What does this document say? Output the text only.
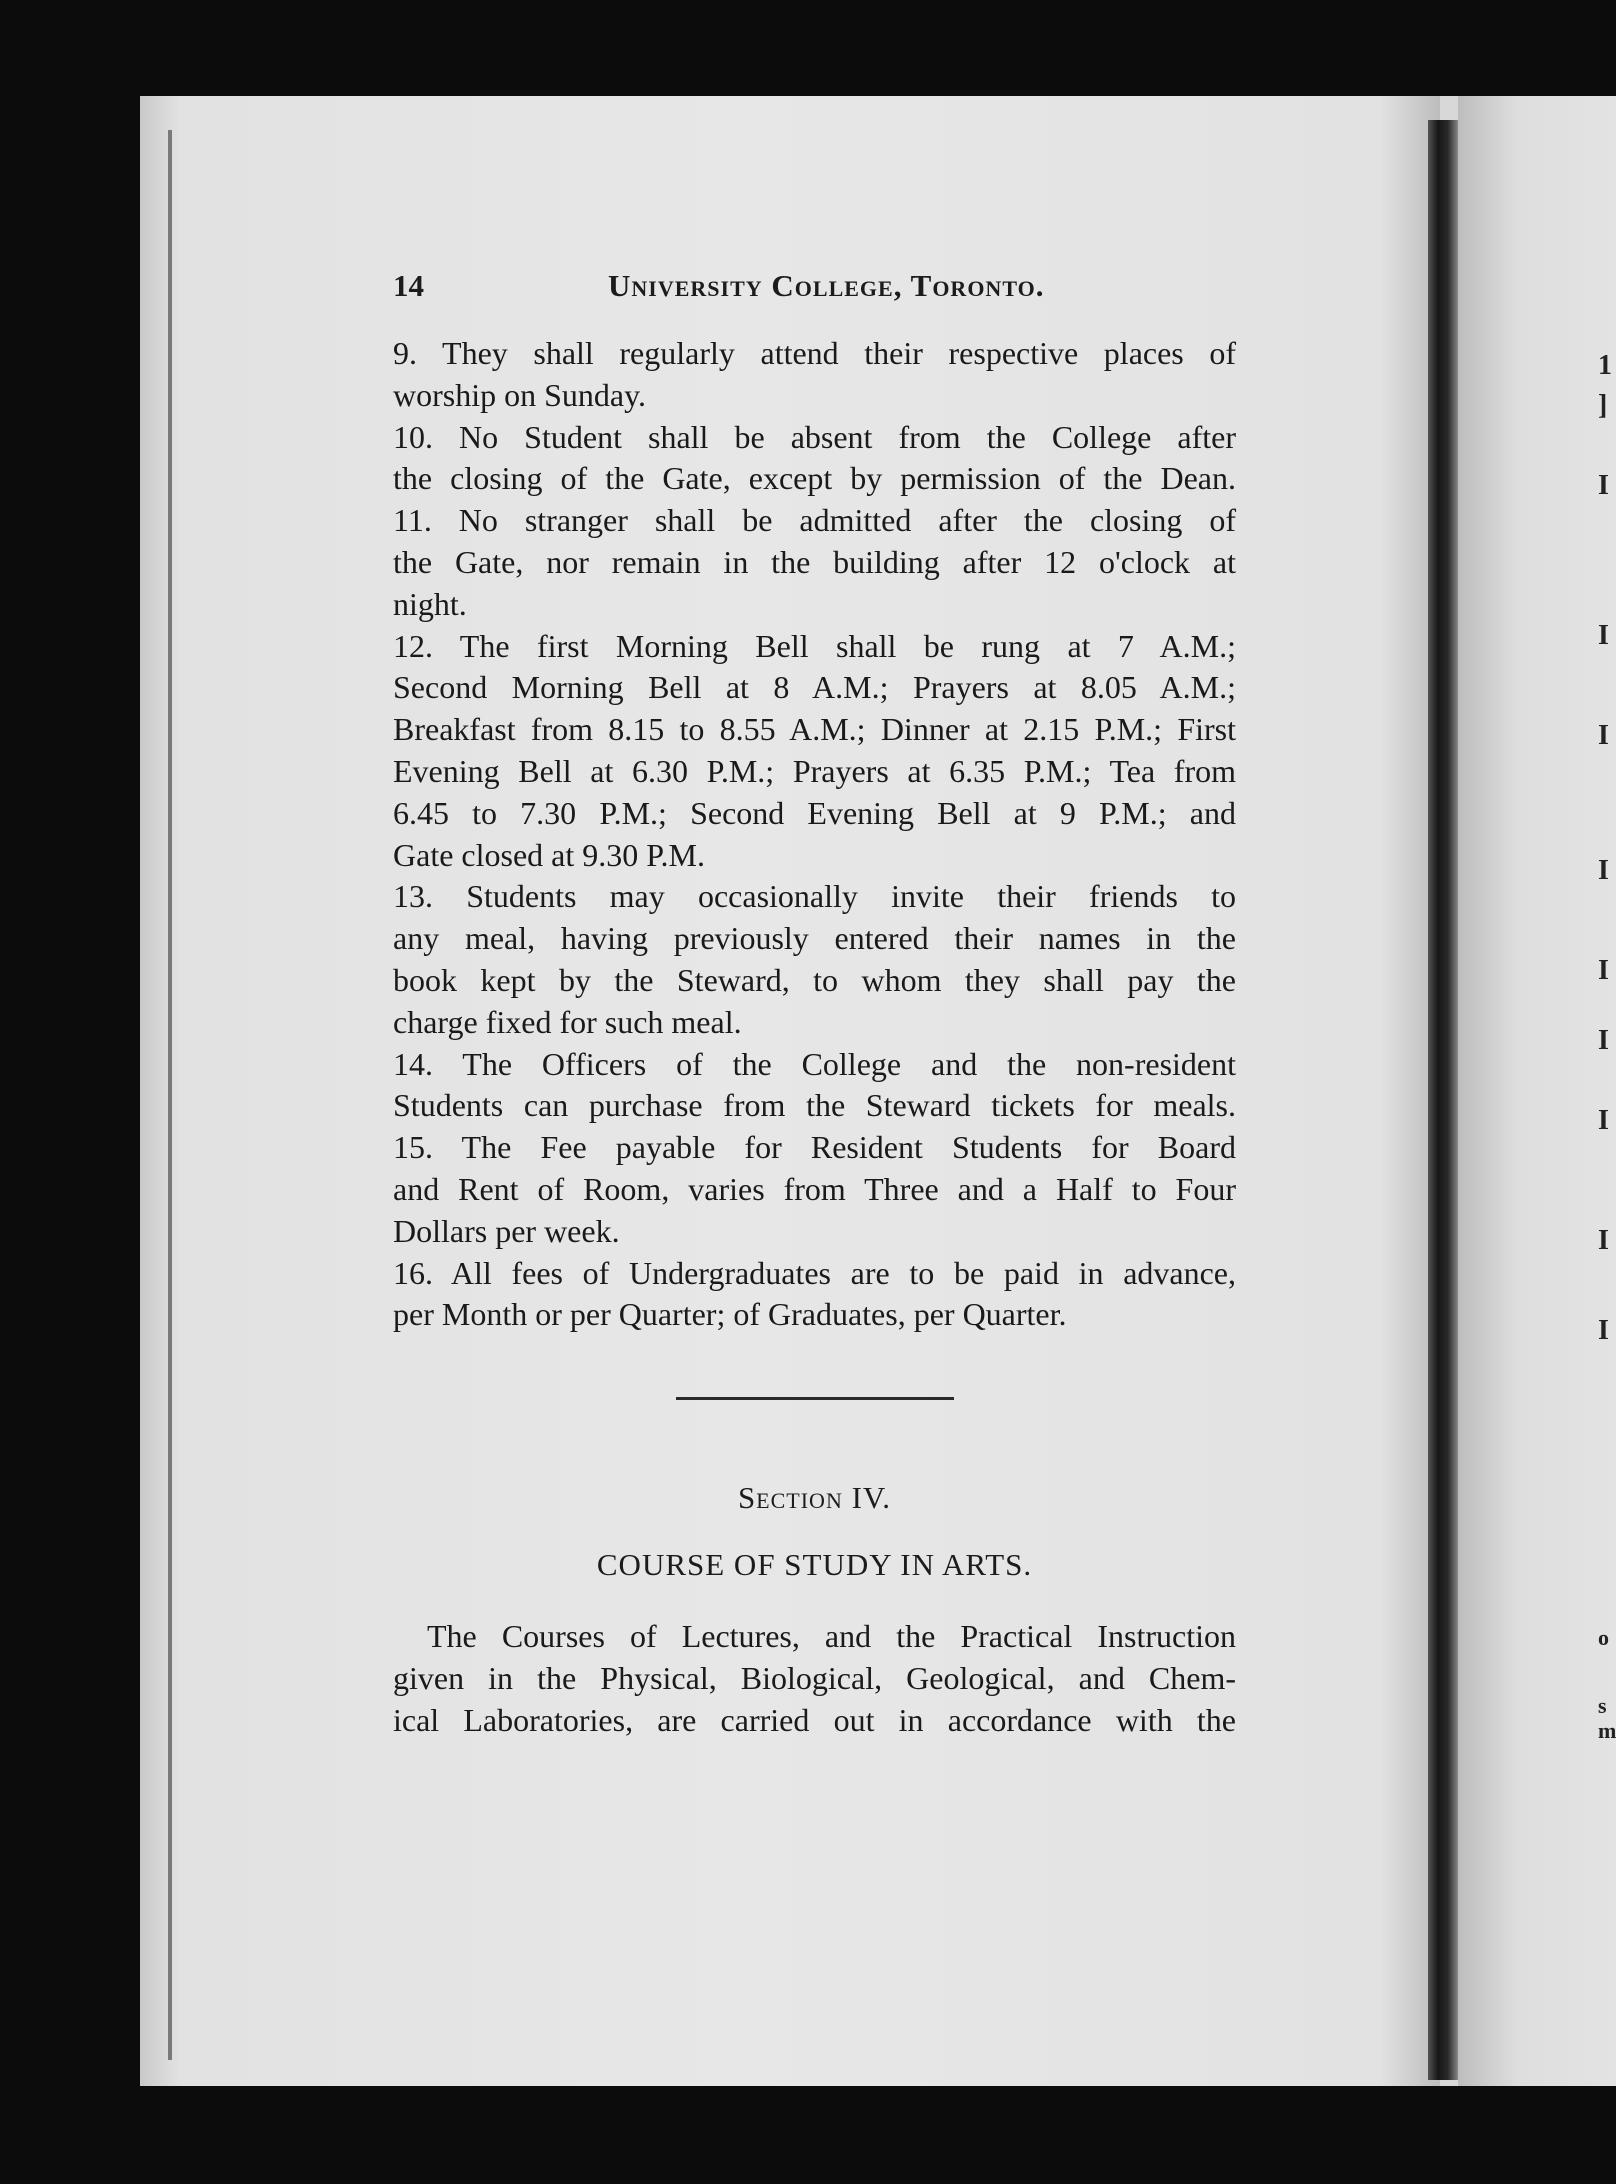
14	University College, Toronto.
9. They shall regularly attend their respective places of
worship on Sunday.
10. No Student shall be absent from the College after
the closing of the Gate, except by permission of the Dean.
11. No stranger shall be admitted after the closing of
the Gate, nor remain in the building after 12 o'clock at
night.
12. The first Morning Bell shall be rung at 7 A.M.;
Second Morning Bell at 8 A.M.; Prayers at 8.05 A.M.;
Breakfast from 8.15 to 8.55 A.M.; Dinner at 2.15 P.M.; First
Evening Bell at 6.30 P.M.; Prayers at 6.35 P.M.; Tea from
6.45 to 7.30 P.M.; Second Evening Bell at 9 P.M.; and
Gate closed at 9.30 P.M.
13. Students may occasionally invite their friends to
any meal, having previously entered their names in the
book kept by the Steward, to whom they shall pay the
charge fixed for such meal.
14. The Officers of the College and the non-resident
Students can purchase from the Steward tickets for meals.
15. The Fee payable for Resident Students for Board
and Rent of Room, varies from Three and a Half to Four
Dollars per week.
16. All fees of Undergraduates are to be paid in advance,
per Month or per Quarter; of Graduates, per Quarter.
Section IV.
COURSE OF STUDY IN ARTS.
The Courses of Lectures, and the Practical Instruction
given in the Physical, Biological, Geological, and Chem-
ical Laboratories, are carried out in accordance with the
1
]
I
I
I
I
I
I
I
I
I
o
s
m
